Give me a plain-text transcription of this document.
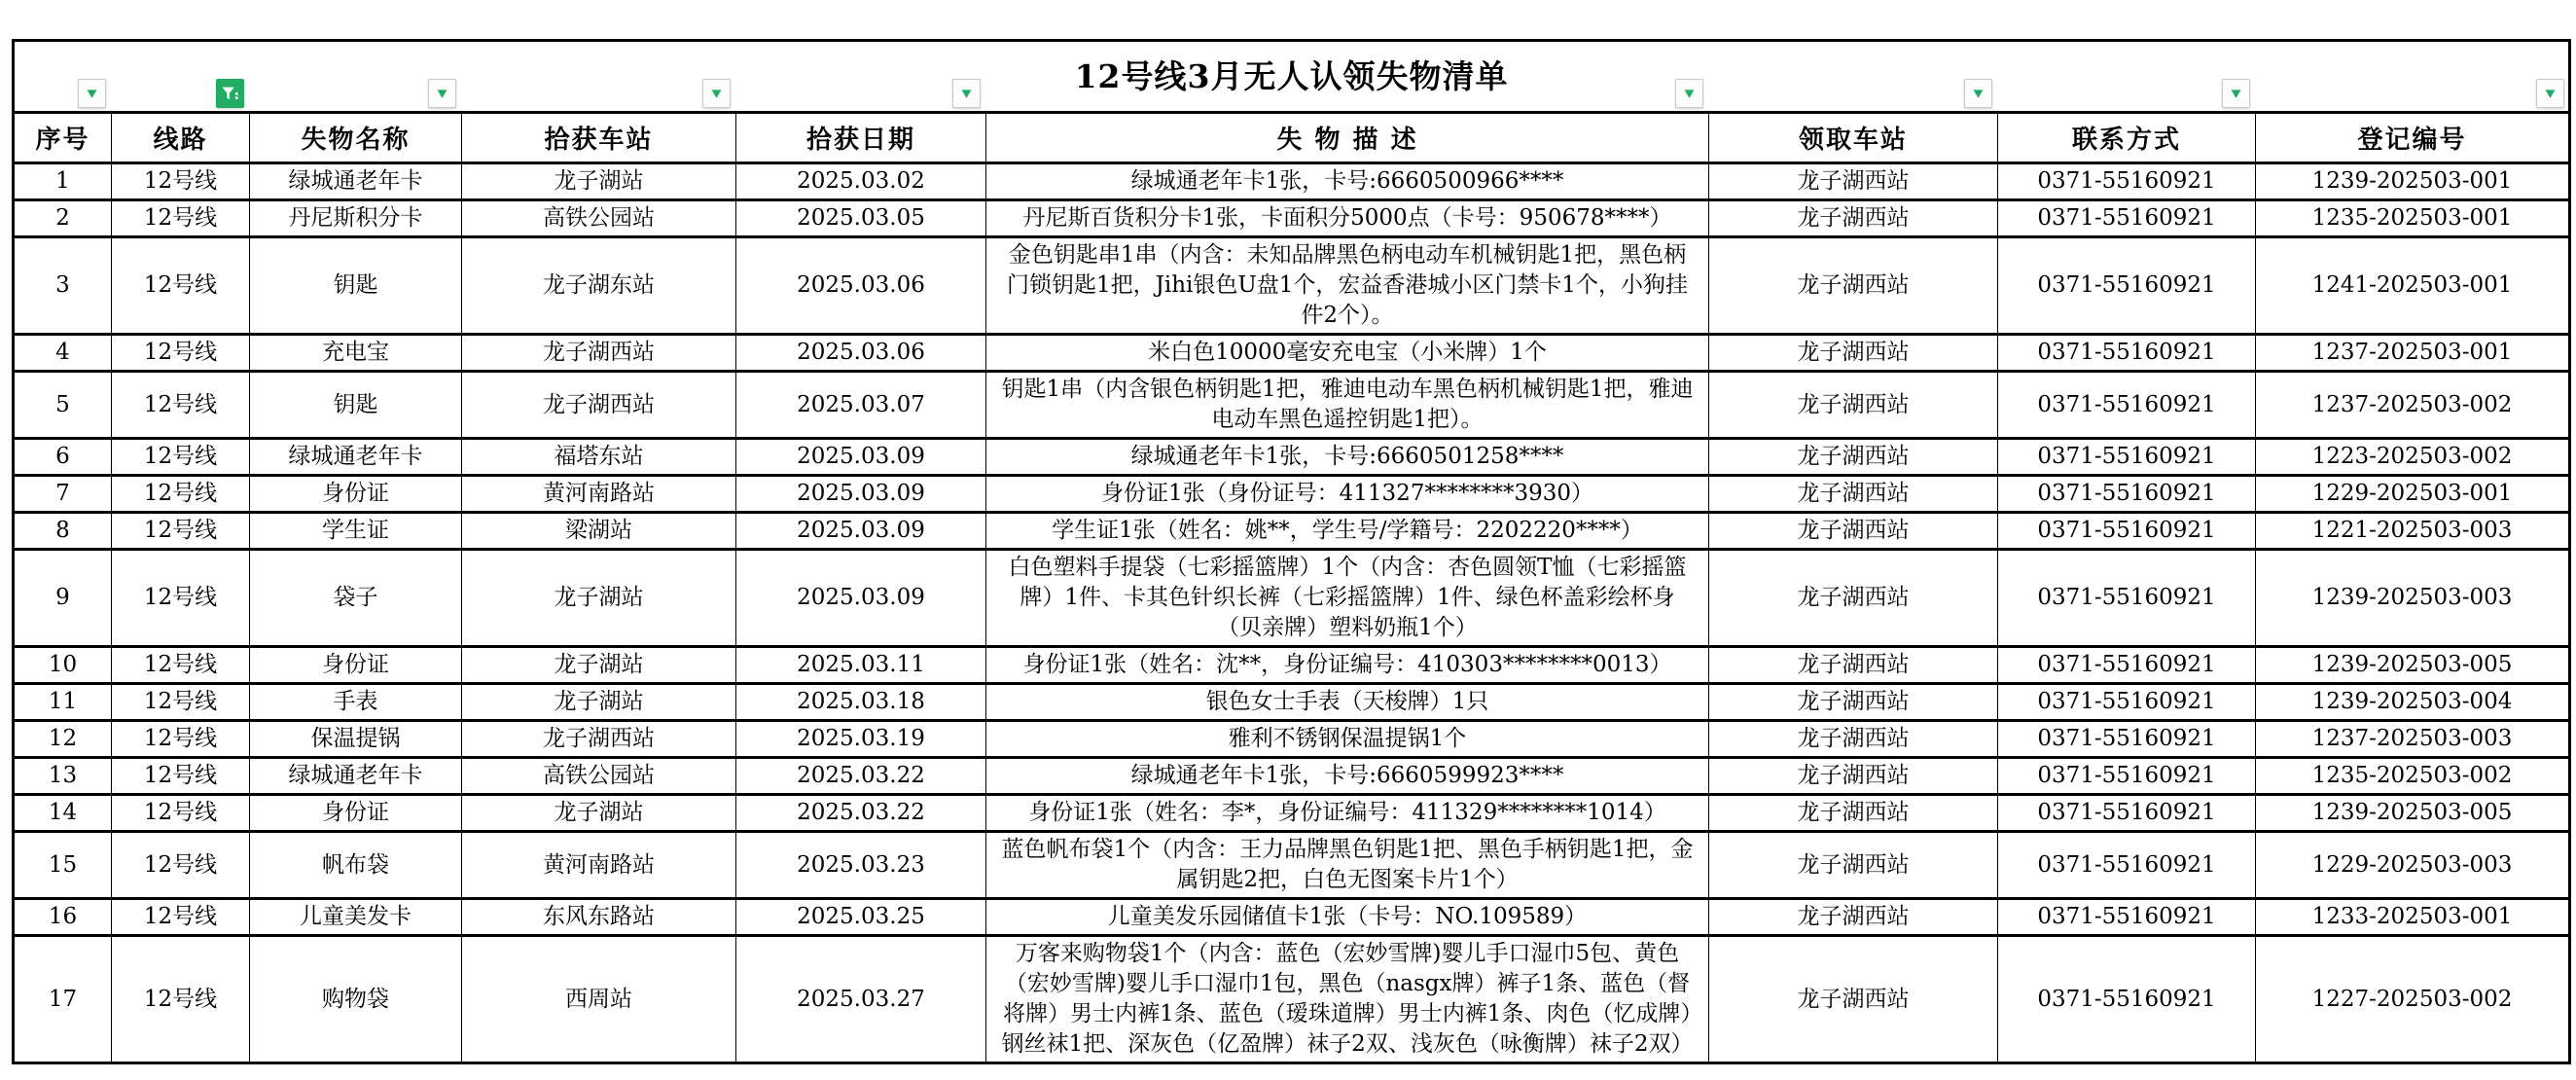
12号线3月无人认领失物清单
▼	▼	▼	▼	▼	▼	▼	▼

序号	线路	失物名称	拾获车站	拾获日期	失 物 描 述	领取车站	联系方式	登记编号
1	12号线	绿城通老年卡	龙子湖站	2025.03.02	绿城通老年卡1张，卡号:6660500966****	龙子湖西站	0371-55160921	1239-202503-001
2	12号线	丹尼斯积分卡	高铁公园站	2025.03.05	丹尼斯百货积分卡1张，卡面积分5000点（卡号：950678****）	龙子湖西站	0371-55160921	1235-202503-001
3	12号线	钥匙	龙子湖东站	2025.03.06	金色钥匙串1串（内含：未知品牌黑色柄电动车机械钥匙1把，黑色柄门锁钥匙1把，Jihi银色U盘1个，宏益香港城小区门禁卡1个，小狗挂件2个）。	龙子湖西站	0371-55160921	1241-202503-001
4	12号线	充电宝	龙子湖西站	2025.03.06	米白色10000毫安充电宝（小米牌）1个	龙子湖西站	0371-55160921	1237-202503-001
5	12号线	钥匙	龙子湖西站	2025.03.07	钥匙1串（内含银色柄钥匙1把，雅迪电动车黑色柄机械钥匙1把，雅迪电动车黑色遥控钥匙1把）。	龙子湖西站	0371-55160921	1237-202503-002
6	12号线	绿城通老年卡	福塔东站	2025.03.09	绿城通老年卡1张，卡号:6660501258****	龙子湖西站	0371-55160921	1223-202503-002
7	12号线	身份证	黄河南路站	2025.03.09	身份证1张（身份证号：411327********3930）	龙子湖西站	0371-55160921	1229-202503-001
8	12号线	学生证	梁湖站	2025.03.09	学生证1张（姓名：姚**，学生号/学籍号：2202220****）	龙子湖西站	0371-55160921	1221-202503-003
9	12号线	袋子	龙子湖站	2025.03.09	白色塑料手提袋（七彩摇篮牌）1个（内含：杏色圆领T恤（七彩摇篮牌）1件、卡其色针织长裤（七彩摇篮牌）1件、绿色杯盖彩绘杯身（贝亲牌）塑料奶瓶1个）	龙子湖西站	0371-55160921	1239-202503-003
10	12号线	身份证	龙子湖站	2025.03.11	身份证1张（姓名：沈**，身份证编号：410303********0013）	龙子湖西站	0371-55160921	1239-202503-005
11	12号线	手表	龙子湖站	2025.03.18	银色女士手表（天梭牌）1只	龙子湖西站	0371-55160921	1239-202503-004
12	12号线	保温提锅	龙子湖西站	2025.03.19	雅利不锈钢保温提锅1个	龙子湖西站	0371-55160921	1237-202503-003
13	12号线	绿城通老年卡	高铁公园站	2025.03.22	绿城通老年卡1张，卡号:6660599923****	龙子湖西站	0371-55160921	1235-202503-002
14	12号线	身份证	龙子湖站	2025.03.22	身份证1张（姓名：李*，身份证编号：411329********1014）	龙子湖西站	0371-55160921	1239-202503-005
15	12号线	帆布袋	黄河南路站	2025.03.23	蓝色帆布袋1个（内含：王力品牌黑色钥匙1把、黑色手柄钥匙1把，金属钥匙2把，白色无图案卡片1个）	龙子湖西站	0371-55160921	1229-202503-003
16	12号线	儿童美发卡	东风东路站	2025.03.25	儿童美发乐园储值卡1张（卡号：NO.109589）	龙子湖西站	0371-55160921	1233-202503-001
17	12号线	购物袋	西周站	2025.03.27	万客来购物袋1个（内含：蓝色（宏妙雪牌)婴儿手口湿巾5包、黄色（宏妙雪牌)婴儿手口湿巾1包，黑色（nasgx牌）裤子1条、蓝色（督将牌）男士内裤1条、蓝色（瑷珠道牌）男士内裤1条、肉色（忆成牌）钢丝袜1把、深灰色（亿盈牌）袜子2双、浅灰色（咏衡牌）袜子2双）	龙子湖西站	0371-55160921	1227-202503-002
